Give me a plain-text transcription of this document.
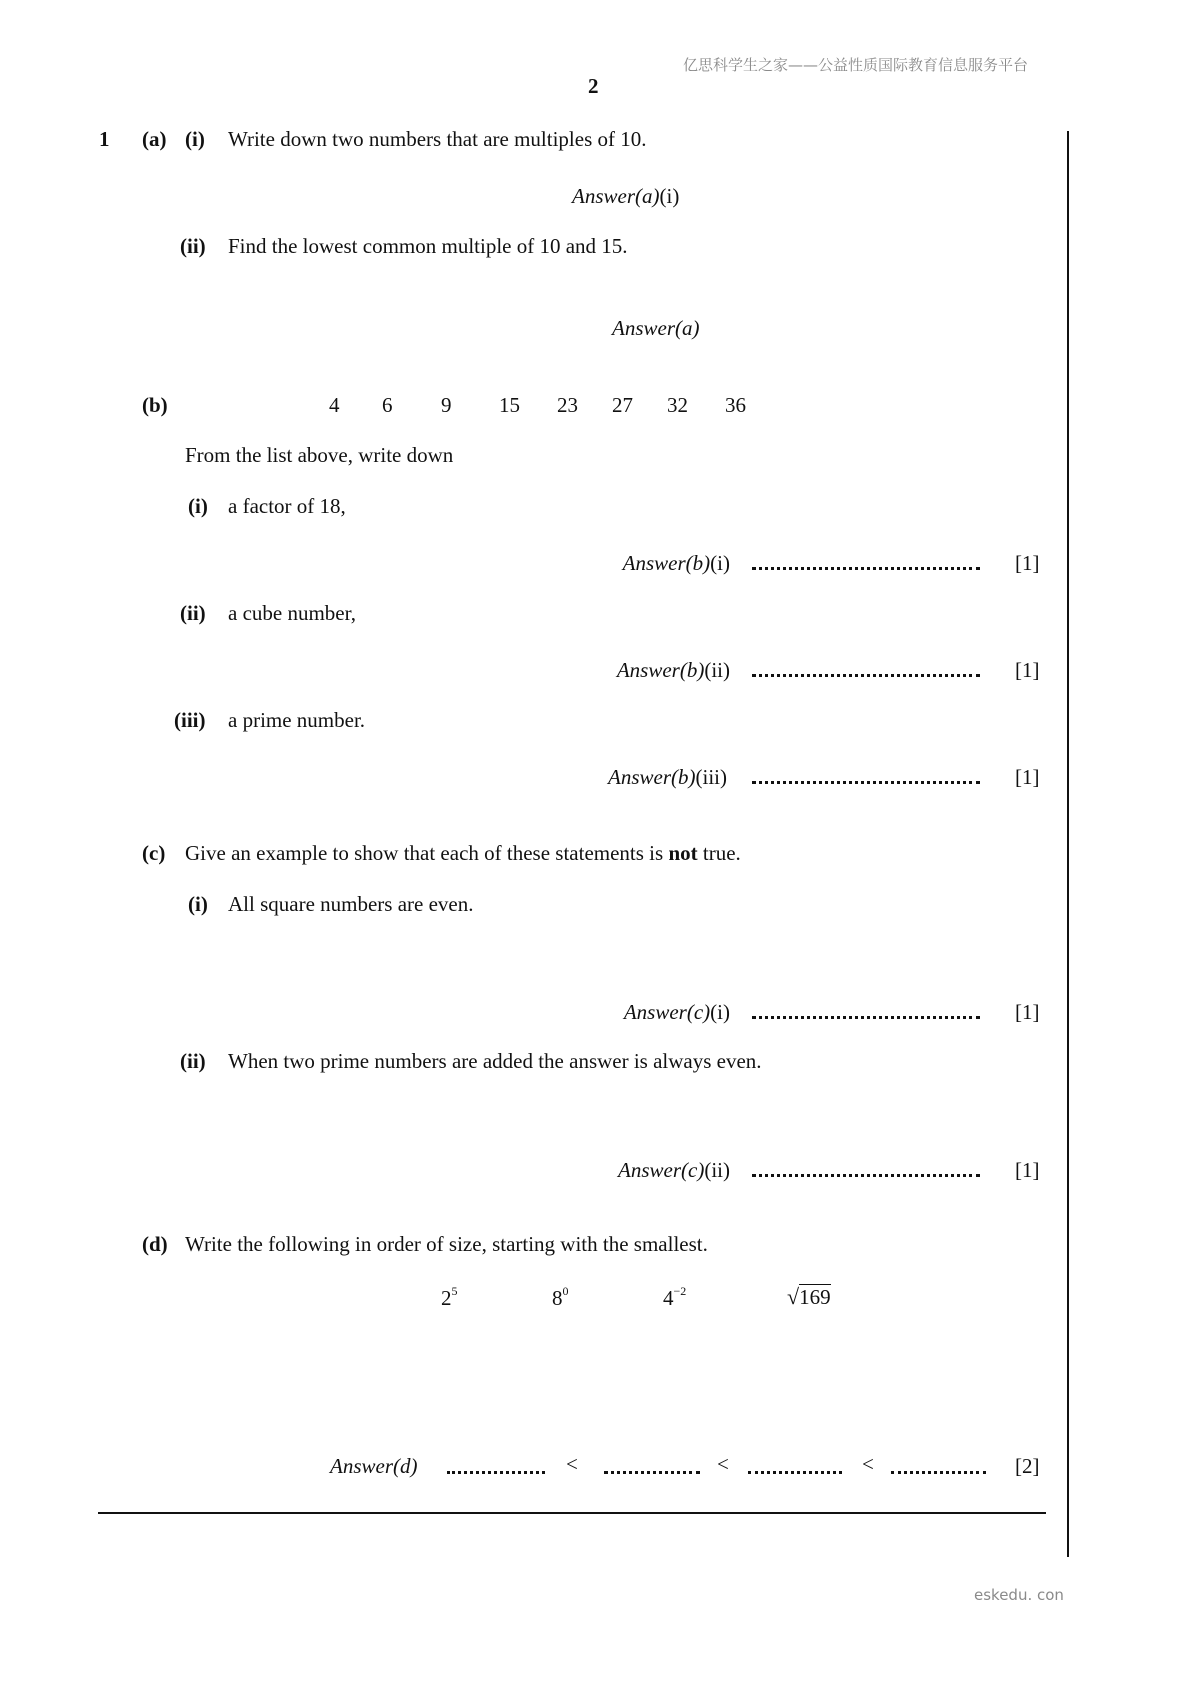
亿思科学生之家——公益性质国际教育信息服务平台
2
1 (a) (i) Write down two numbers that are multiples of 10.
Answer(a)(i)
(ii) Find the lowest common multiple of 10 and 15.
Answer(a)
(b)	4 6 9 15 23 27 32 36
From the list above, write down
(i) a factor of 18,
Answer(b)(i)	[1]
(ii) a cube number,
Answer(b)(ii)	[1]
(iii) a prime number.
Answer(b)(iii)	[1]
(c) Give an example to show that each of these statements is not true.
(i) All square numbers are even.
Answer(c)(i)	[1]
(ii) When two prime numbers are added the answer is always even.
Answer(c)(ii)	[1]
(d) Write the following in order of size, starting with the smallest.
$2^5$	$8^0$	$4^{-2}$	√169
Answer(d)	<	<	<	[2]
eskedu. con
